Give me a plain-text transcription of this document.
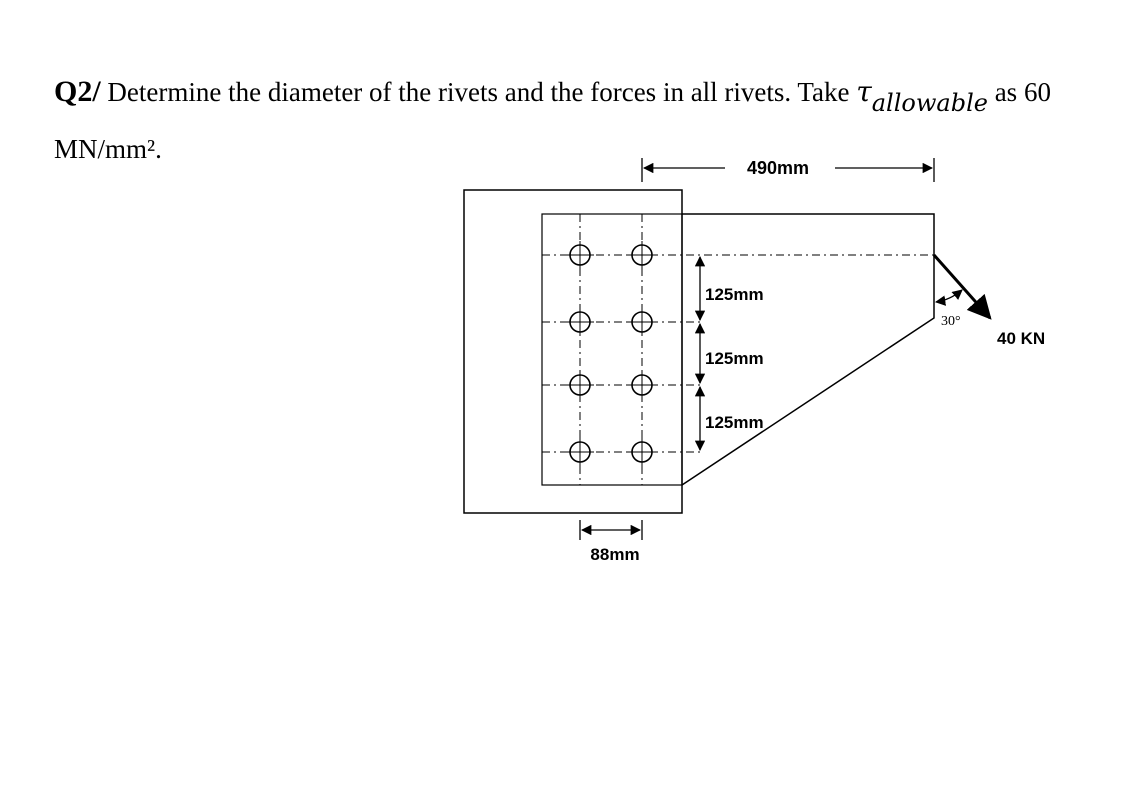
Q2/ Determine the diameter of the rivets and the forces in all rivets. Take τallowable as 60
MN/mm².
490mm
125mm
125mm
125mm
88mm
30°
40 KN
